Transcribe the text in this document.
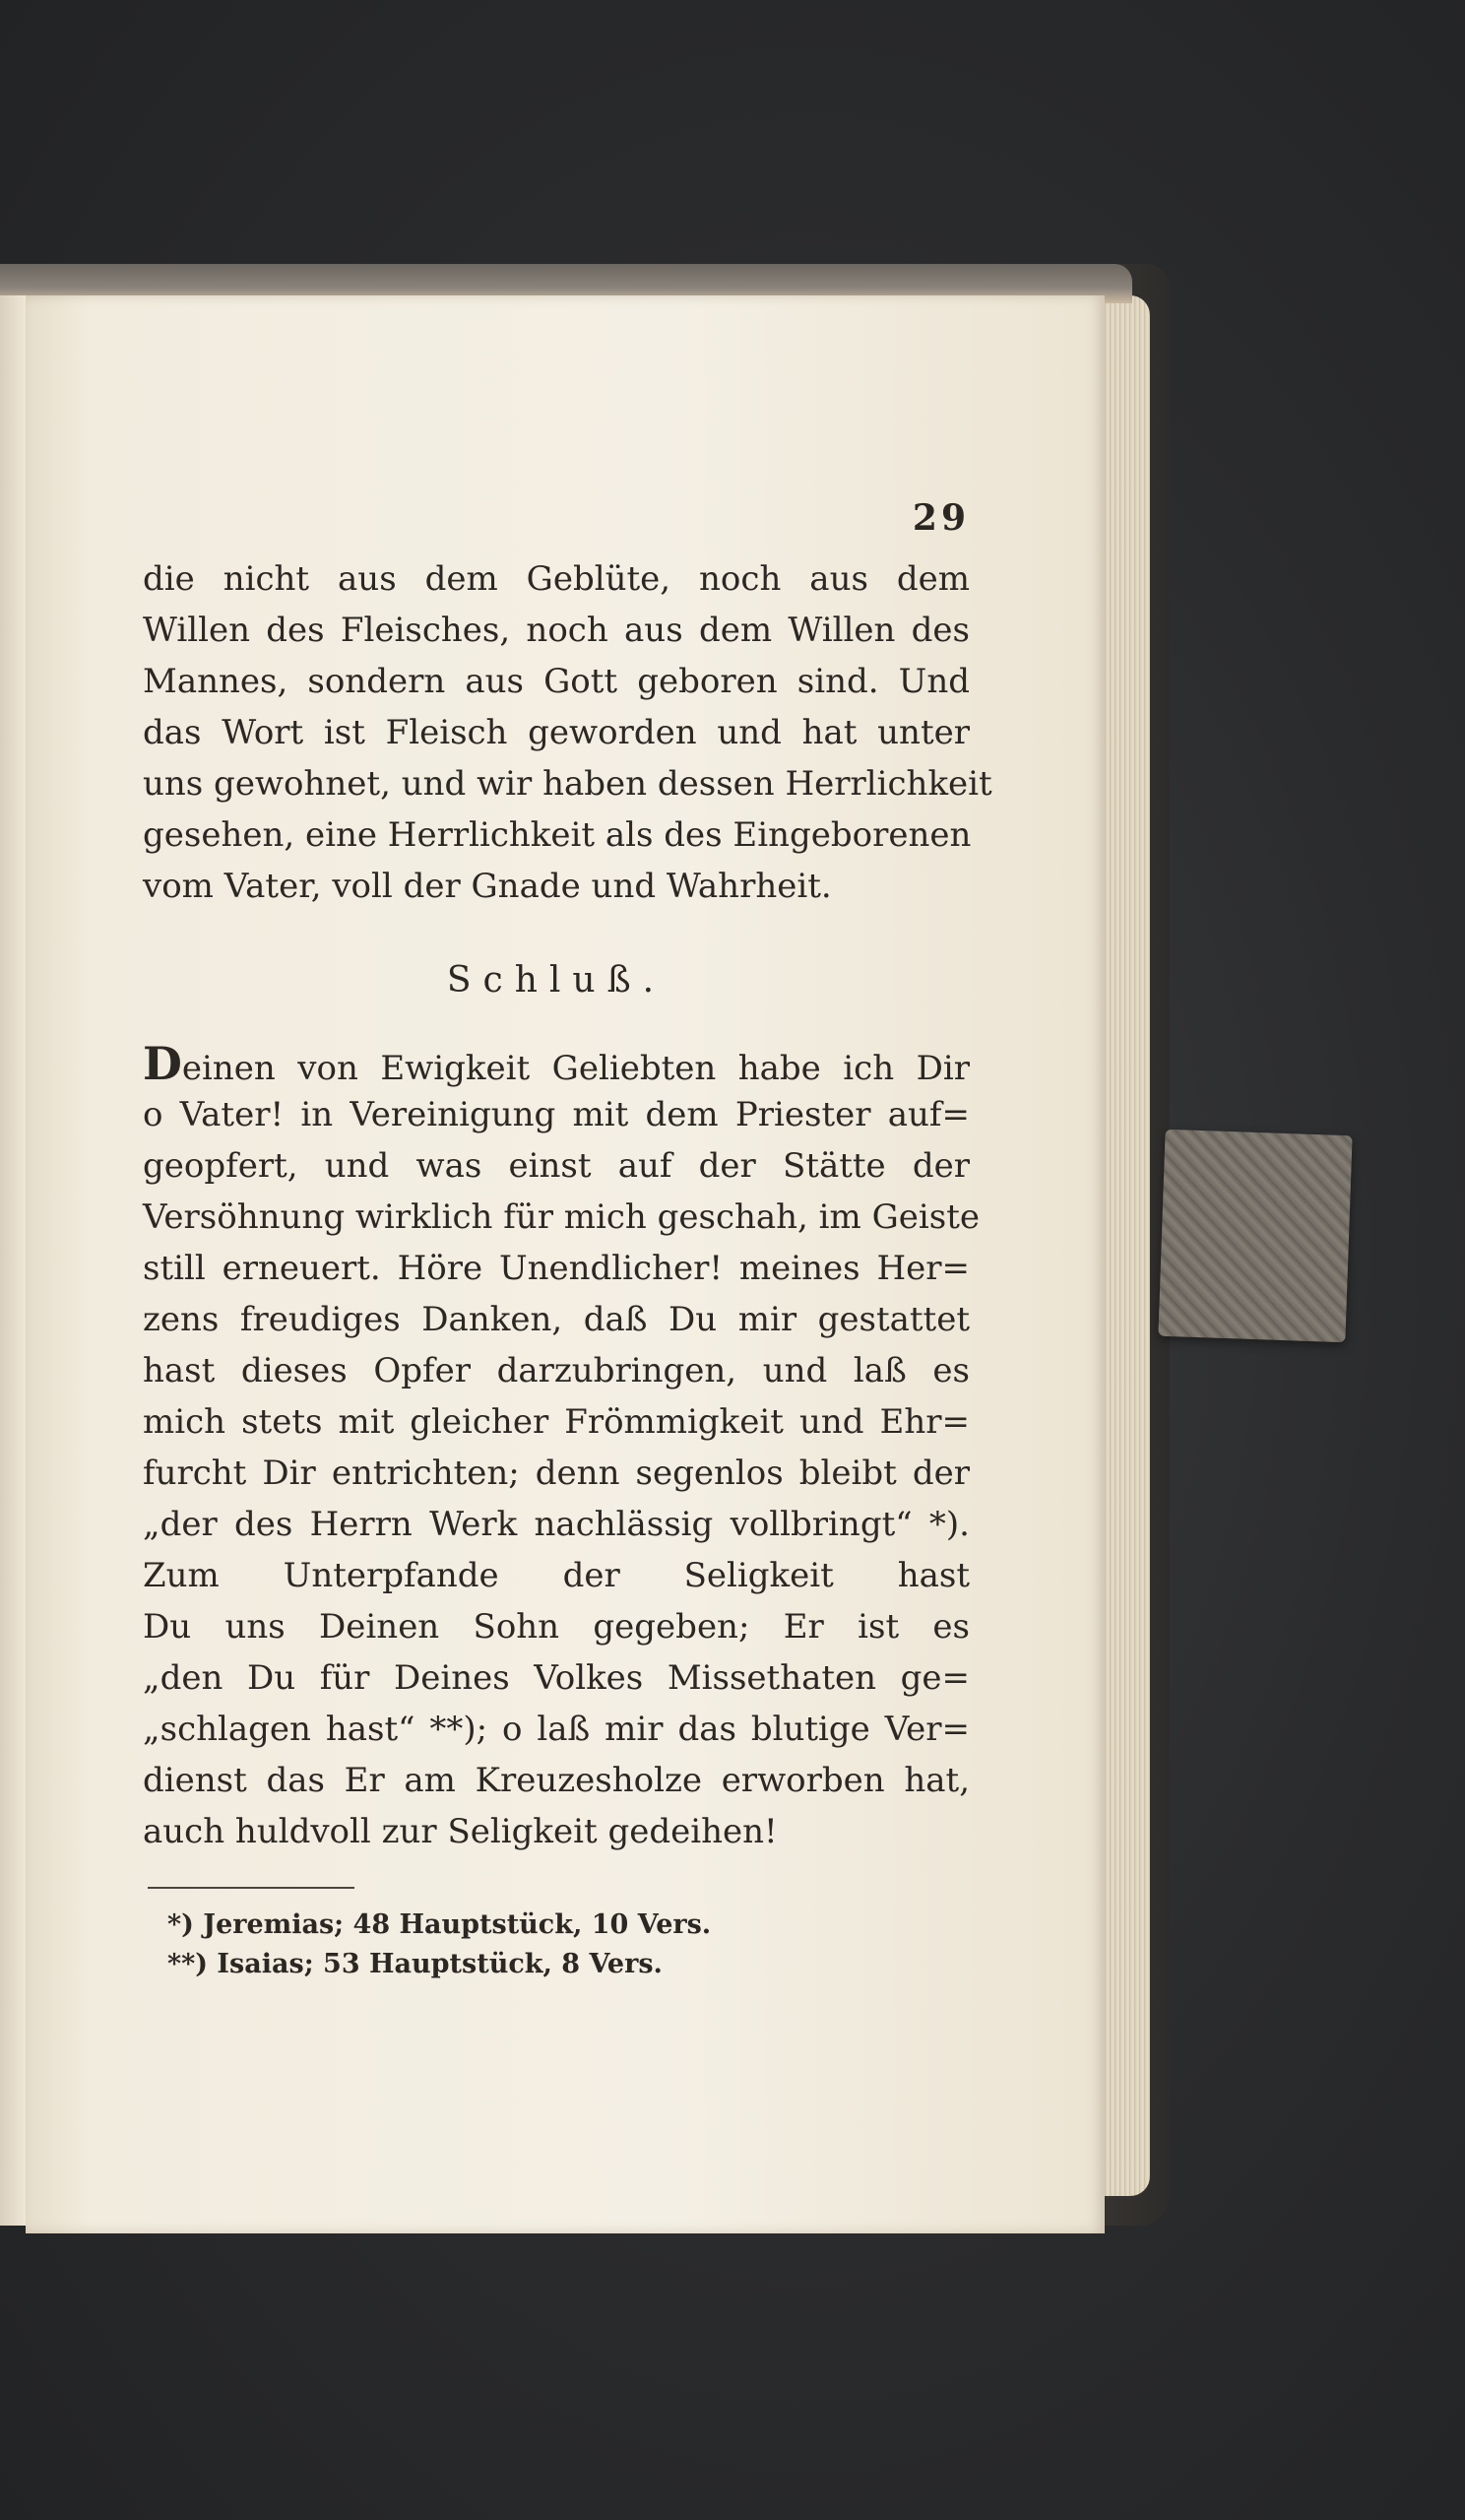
29
die nicht aus dem Geblüte, noch aus dem
Willen des Fleisches, noch aus dem Willen des
Mannes, sondern aus Gott geboren sind. Und
das Wort ist Fleisch geworden und hat unter
uns gewohnet, und wir haben dessen Herrlichkeit
gesehen, eine Herrlichkeit als des Eingeborenen
vom Vater, voll der Gnade und Wahrheit.
Schluß.
Deinen von Ewigkeit Geliebten habe ich Dir
o Vater! in Vereinigung mit dem Priester auf=
geopfert, und was einst auf der Stätte der
Versöhnung wirklich für mich geschah, im Geiste
still erneuert. Höre Unendlicher! meines Her=
zens freudiges Danken, daß Du mir gestattet
hast dieses Opfer darzubringen, und laß es
mich stets mit gleicher Frömmigkeit und Ehr=
furcht Dir entrichten; denn segenlos bleibt der
„der des Herrn Werk nachlässig vollbringt“ *).
Zum Unterpfande der Seligkeit hast
Du uns Deinen Sohn gegeben; Er ist es
„den Du für Deines Volkes Missethaten ge=
„schlagen hast“ **); o laß mir das blutige Ver=
dienst das Er am Kreuzesholze erworben hat,
auch huldvoll zur Seligkeit gedeihen!
*) Jeremias; 48 Hauptstück, 10 Vers.
**) Isaias; 53 Hauptstück, 8 Vers.
